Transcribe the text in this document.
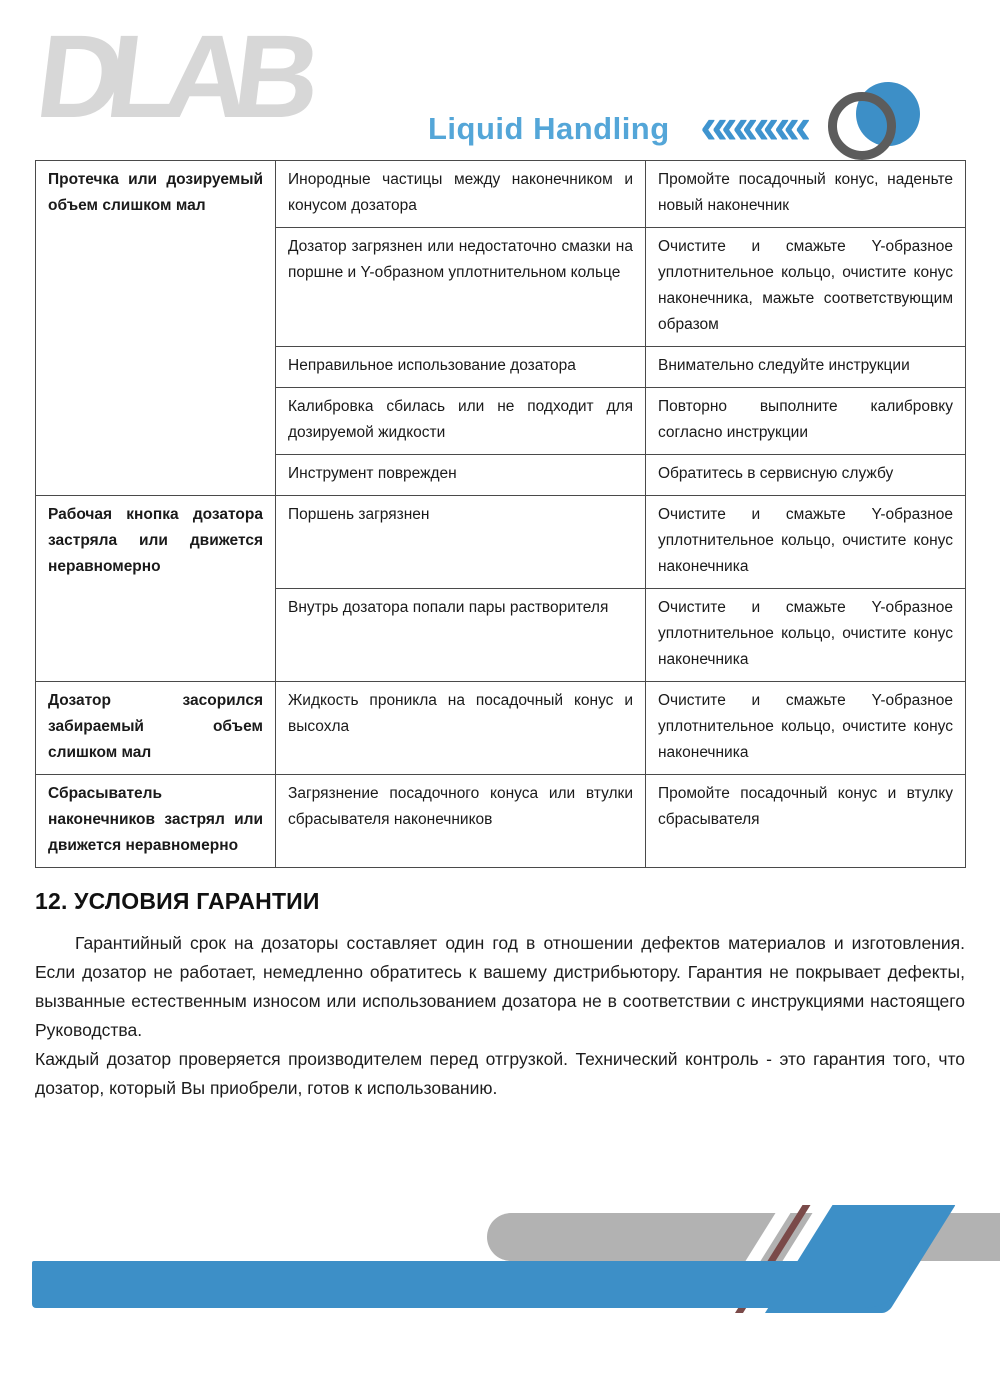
DLAB	Liquid Handling «««««
Протечка или дозируемый объем слишком мал	Инородные частицы между наконечником и конусом дозатора	Промойте посадочный конус, наденьте новый наконечник
	Дозатор загрязнен или недостаточно смазки на поршне и Y-образном уплотнительном кольце	Очистите и смажьте Y-образное уплотнительное кольцо, очистите конус наконечника, мажьте соответствующим образом
	Неправильное использование дозатора	Внимательно следуйте инструкции
	Калибровка сбилась или не подходит для дозируемой жидкости	Повторно выполните калибровку согласно инструкции
	Инструмент поврежден	Обратитесь в сервисную службу
Рабочая кнопка дозатора застряла или движется неравномерно	Поршень загрязнен	Очистите и смажьте Y-образное уплотнительное кольцо, очистите конус наконечника
	Внутрь дозатора попали пары растворителя	Очистите и смажьте Y-образное уплотнительное кольцо, очистите конус наконечника
Дозатор засорился забираемый объем слишком мал	Жидкость проникла на посадочный конус и высохла	Очистите и смажьте Y-образное уплотнительное кольцо, очистите конус наконечника
Сбрасыватель наконечников застрял или движется неравномерно	Загрязнение посадочного конуса или втулки сбрасывателя наконечников	Промойте посадочный конус и втулку сбрасывателя
12. УСЛОВИЯ ГАРАНТИИ

Гарантийный срок на дозаторы составляет один год в отношении дефектов материалов и изготовления. Если дозатор не работает, немедленно обратитесь к вашему дистрибьютору. Гарантия не покрывает дефекты, вызванные естественным износом или использованием дозатора не в соответствии с инструкциями настоящего Руководства.

Каждый дозатор проверяется производителем перед отгрузкой. Технический контроль - это гарантия того, что дозатор, который Вы приобрели, готов к использованию.
